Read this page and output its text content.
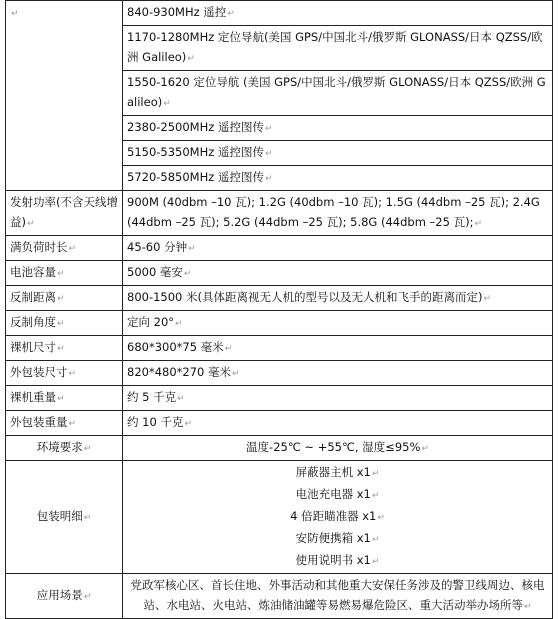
↵	840-930MHz 遥控↵
	1170-1280MHz 定位导航(美国 GPS/中国北斗/俄罗斯 GLONASS/日本 QZSS/欧洲 Galileo)↵
	1550-1620 定位导航 (美国 GPS/中国北斗/俄罗斯 GLONASS/日本 QZSS/欧洲 Galileo)↵
	2380-2500MHz 遥控图传↵
	5150-5350MHz 遥控图传↵
	5720-5850MHz 遥控图传↵
发射功率(不含天线增益)↵	900M (40dbm –10 瓦); 1.2G (40dbm –10 瓦); 1.5G (44dbm –25 瓦); 2.4G (44dbm –25 瓦); 5.2G (44dbm –25 瓦); 5.8G (44dbm –25 瓦);↵
满负荷时长↵	45-60 分钟↵
电池容量↵	5000 毫安↵
反制距离↵	800-1500 米(具体距离视无人机的型号以及无人机和飞手的距离而定)↵
反制角度↵	定向 20°↵
裸机尺寸↵	680*300*75 毫米↵
外包装尺寸↵	820*480*270 毫米↵
裸机重量↵	约 5 千克↵
外包装重量↵	约 10 千克↵
环境要求↵	温度-25℃ ~ +55℃, 湿度≤95%↵
包装明细↵	屏蔽器主机 x1↵
电池充电器 x1↵
4 倍距瞄准器 x1↵
安防便携箱 x1↵
使用说明书 x1↵

应用场景↵	党政军核心区、首长住地、外事活动和其他重大安保任务涉及的警卫线周边、核电站、水电站、火电站、炼油储油罐等易燃易爆危险区、重大活动举办场所等↵
